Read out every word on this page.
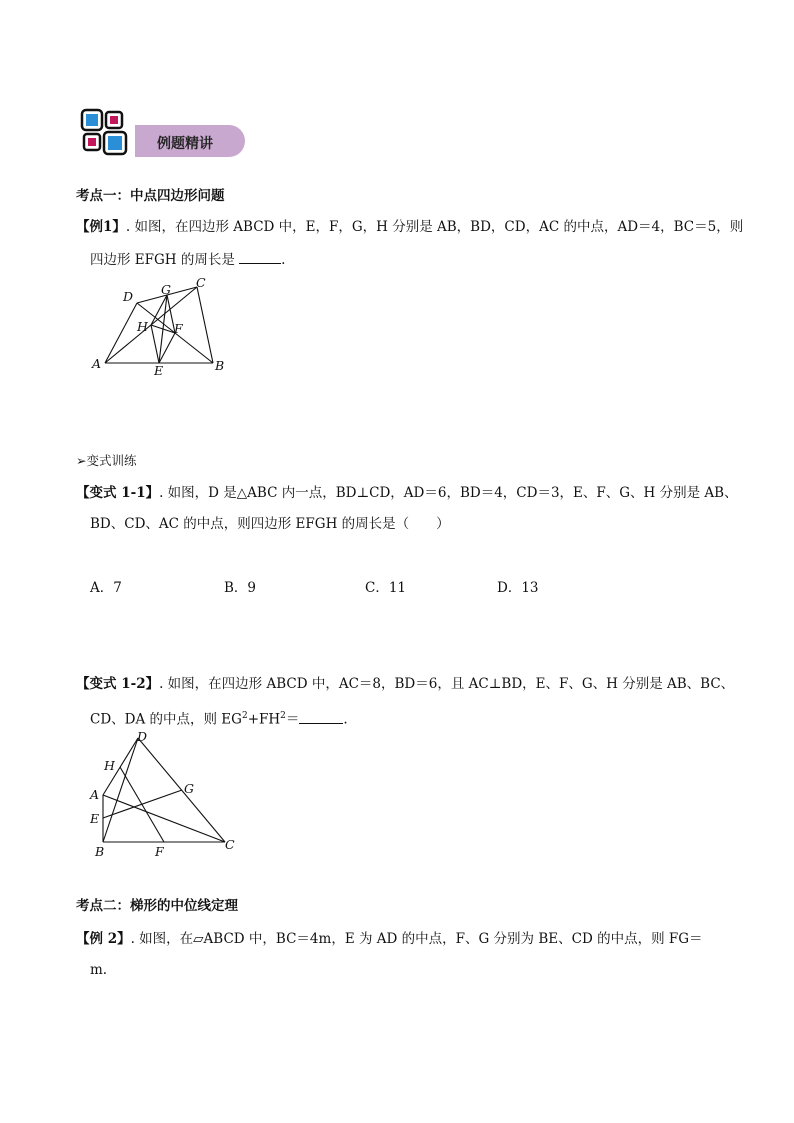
例题精讲
考点一：中点四边形问题
【例1】. 如图，在四边形 ABCD 中，E，F，G，H 分别是 AB，BD，CD，AC 的中点，AD＝4，BC＝5，则
四边形 EFGH 的周长是	.
A	B
C
D
E
F
G
H
➢变式训练
【变式 1-1】. 如图，D 是△ABC 内一点，BD⊥CD，AD＝6，BD＝4，CD＝3，E、F、G、H 分别是 AB、
BD、CD、AC 的中点，则四边形 EFGH 的周长是（　　）
A．7	B．9	C．11	D．13
【变式 1-2】. 如图，在四边形 ABCD 中，AC＝8，BD＝6，且 AC⊥BD，E、F、G、H 分别是 AB、BC、
CD、DA 的中点，则 $EG^2+FH^2=$	.
A
B	C
D
E
F
G
H
考点二：梯形的中位线定理
【例 2】. 如图，在▱ABCD 中，BC＝4m，E 为 AD 的中点，F、G 分别为 BE、CD 的中点，则 FG＝
m.
